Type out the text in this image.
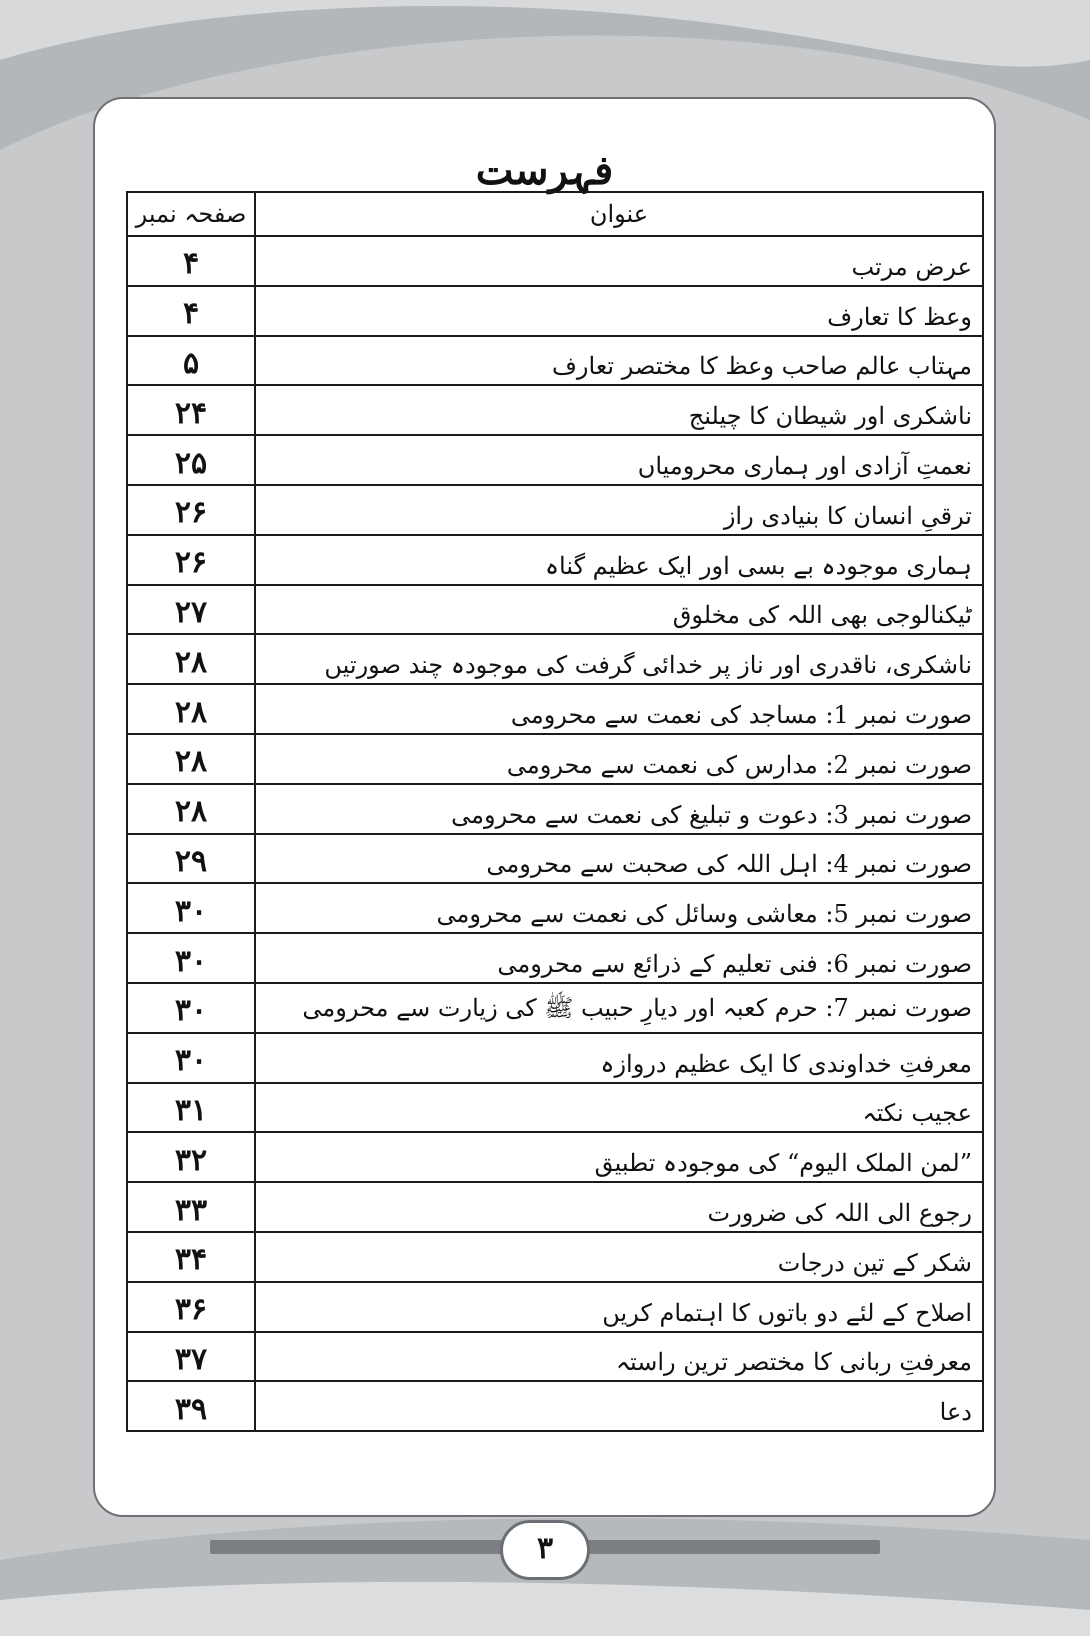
فہرست
عنوان	صفحہ نمبر
عرض مرتب	۴
وعظ کا تعارف	۴
مہتاب عالم صاحب وعظ کا مختصر تعارف	۵
ناشکری اور شیطان کا چیلنج	۲۴
نعمتِ آزادی اور ہماری محرومیاں	۲۵
ترقیِ انسان کا بنیادی راز	۲۶
ہماری موجودہ بے بسی اور ایک عظیم گناہ	۲۶
ٹیکنالوجی بھی اللہ کی مخلوق	۲۷
ناشکری، ناقدری اور ناز پر خدائی گرفت کی موجودہ چند صورتیں	۲۸
صورت نمبر 1: مساجد کی نعمت سے محرومی	۲۸
صورت نمبر 2: مدارس کی نعمت سے محرومی	۲۸
صورت نمبر 3: دعوت و تبلیغ کی نعمت سے محرومی	۲۸
صورت نمبر 4: اہل اللہ کی صحبت سے محرومی	۲۹
صورت نمبر 5: معاشی وسائل کی نعمت سے محرومی	۳۰
صورت نمبر 6: فنی تعلیم کے ذرائع سے محرومی	۳۰
صورت نمبر 7: حرم کعبہ اور دیارِ حبیب ﷺ کی زیارت سے محرومی	۳۰
معرفتِ خداوندی کا ایک عظیم دروازہ	۳۰
عجیب نکتہ	۳۱
”لمن الملک الیوم“ کی موجودہ تطبیق	۳۲
رجوع الی اللہ کی ضرورت	۳۳
شکر کے تین درجات	۳۴
اصلاح کے لئے دو باتوں کا اہتمام کریں	۳۶
معرفتِ ربانی کا مختصر ترین راستہ	۳۷
دعا	۳۹
۳
